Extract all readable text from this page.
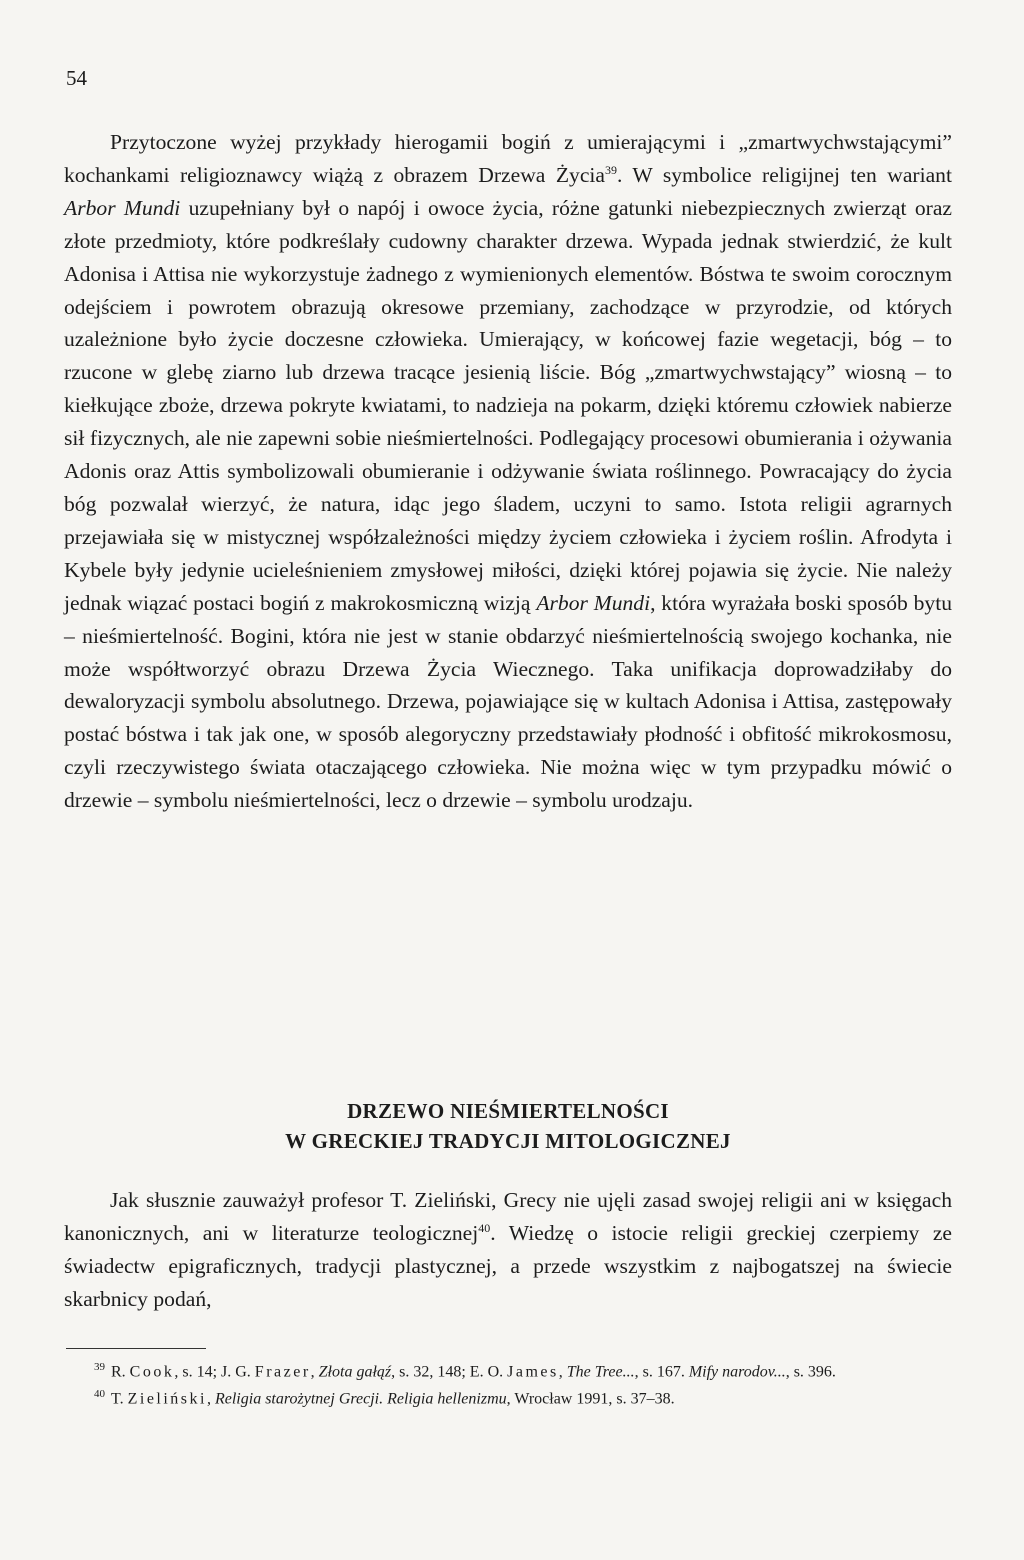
54

Przytoczone wyżej przykłady hierogamii bogiń z umierającymi i „zmartwychwstającymi” kochankami religioznawcy wiążą z obrazem Drzewa Życia$^{39}$. W symbolice religijnej ten wariant Arbor Mundi uzupełniany był o napój i owoce życia, różne gatunki niebezpiecznych zwierząt oraz złote przedmioty, które podkreślały cudowny charakter drzewa. Wypada jednak stwierdzić, że kult Adonisa i Attisa nie wykorzystuje żadnego z wymienionych elementów. Bóstwa te swoim corocznym odejściem i powrotem obrazują okresowe przemiany, zachodzące w przyrodzie, od których uzależnione było życie doczesne człowieka. Umierający, w końcowej fazie wegetacji, bóg – to rzucone w glebę ziarno lub drzewa tracące jesienią liście. Bóg „zmartwychwstający” wiosną – to kiełkujące zboże, drzewa pokryte kwiatami, to nadzieja na pokarm, dzięki któremu człowiek nabierze sił fizycznych, ale nie zapewni sobie nieśmiertelności. Podlegający procesowi obumierania i ożywania Adonis oraz Attis symbolizowali obumieranie i odżywanie świata roślinnego. Powracający do życia bóg pozwalał wierzyć, że natura, idąc jego śladem, uczyni to samo. Istota religii agrarnych przejawiała się w mistycznej współzależności między życiem człowieka i życiem roślin. Afrodyta i Kybele były jedynie ucieleśnieniem zmysłowej miłości, dzięki której pojawia się życie. Nie należy jednak wiązać postaci bogiń z makrokosmiczną wizją Arbor Mundi, która wyrażała boski sposób bytu – nieśmiertelność. Bogini, która nie jest w stanie obdarzyć nieśmiertelnością swojego kochanka, nie może współtworzyć obrazu Drzewa Życia Wiecznego. Taka unifikacja doprowadziłaby do dewaloryzacji symbolu absolutnego. Drzewa, pojawiające się w kultach Adonisa i Attisa, zastępowały postać bóstwa i tak jak one, w sposób alegoryczny przedstawiały płodność i obfitość mikrokosmosu, czyli rzeczywistego świata otaczającego człowieka. Nie można więc w tym przypadku mówić o drzewie – symbolu nieśmiertelności, lecz o drzewie – symbolu urodzaju.

DRZEWO NIEŚMIERTELNOŚCI
W GRECKIEJ TRADYCJI MITOLOGICZNEJ

Jak słusznie zauważył profesor T. Zieliński, Grecy nie ujęli zasad swojej religii ani w księgach kanonicznych, ani w literaturze teologicznej$^{40}$. Wiedzę o istocie religii greckiej czerpiemy ze świadectw epigraficznych, tradycji plastycznej, a przede wszystkim z najbogatszej na świecie skarbnicy podań,

$^{39}$ R. Cook, s. 14; J. G. Frazer, Złota gałąź, s. 32, 148; E. O. James, The Tree..., s. 167. Mify narodov..., s. 396.

$^{40}$ T. Zieliński, Religia starożytnej Grecji. Religia hellenizmu, Wrocław 1991, s. 37–38.
